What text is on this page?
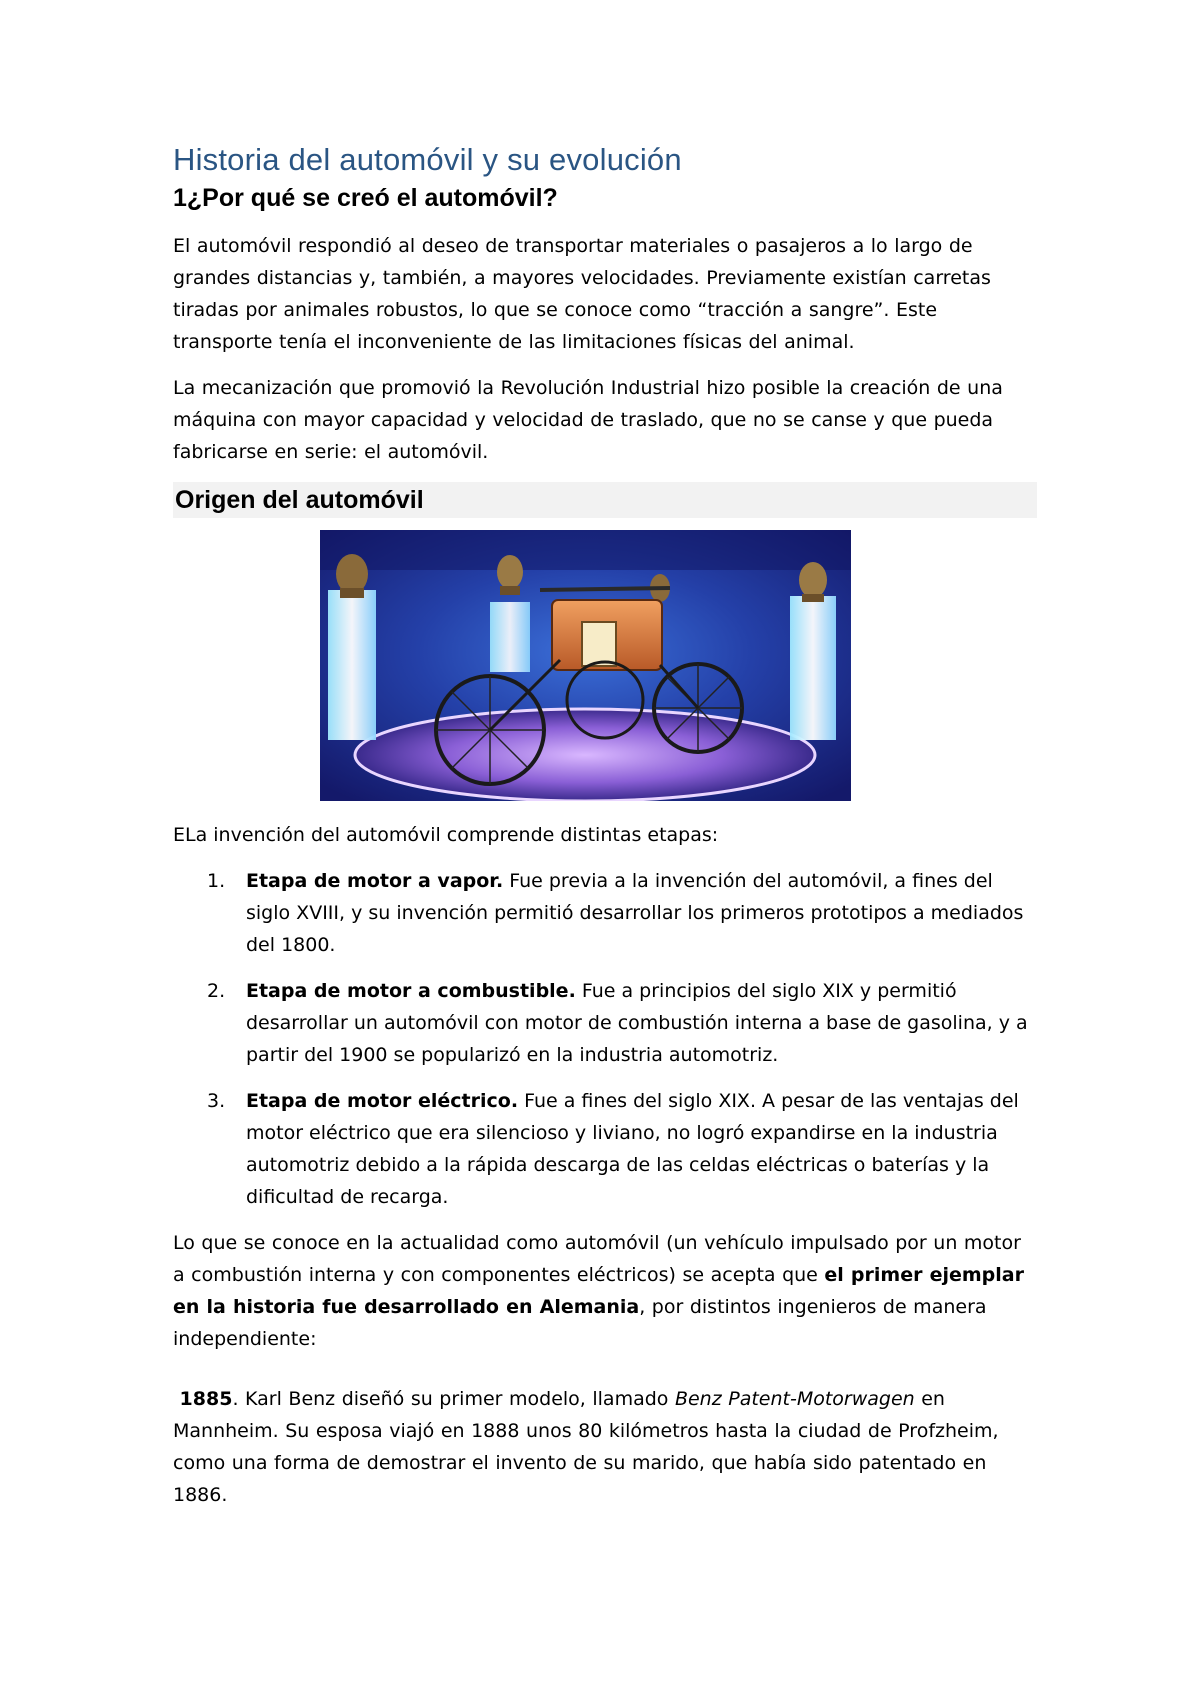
Historia del automóvil y su evolución
1¿Por qué se creó el automóvil?

El automóvil respondió al deseo de transportar materiales o pasajeros a lo largo de grandes distancias y, también, a mayores velocidades. Previamente existían carretas tiradas por animales robustos, lo que se conoce como “tracción a sangre”. Este transporte tenía el inconveniente de las limitaciones físicas del animal.

La mecanización que promovió la Revolución Industrial hizo posible la creación de una máquina con mayor capacidad y velocidad de traslado, que no se canse y que pueda fabricarse en serie: el automóvil.

Origen del automóvil

ELa invención del automóvil comprende distintas etapas:

1. Etapa de motor a vapor. Fue previa a la invención del automóvil, a fines del siglo XVIII, y su invención permitió desarrollar los primeros prototipos a mediados del 1800.
2. Etapa de motor a combustible. Fue a principios del siglo XIX y permitió desarrollar un automóvil con motor de combustión interna a base de gasolina, y a partir del 1900 se popularizó en la industria automotriz.
3. Etapa de motor eléctrico. Fue a fines del siglo XIX. A pesar de las ventajas del motor eléctrico que era silencioso y liviano, no logró expandirse en la industria automotriz debido a la rápida descarga de las celdas eléctricas o baterías y la dificultad de recarga.

Lo que se conoce en la actualidad como automóvil (un vehículo impulsado por un motor a combustión interna y con componentes eléctricos) se acepta que el primer ejemplar en la historia fue desarrollado en Alemania, por distintos ingenieros de manera independiente:

1885. Karl Benz diseñó su primer modelo, llamado Benz Patent-Motorwagen en Mannheim. Su esposa viajó en 1888 unos 80 kilómetros hasta la ciudad de Profzheim, como una forma de demostrar el invento de su marido, que había sido patentado en 1886.
